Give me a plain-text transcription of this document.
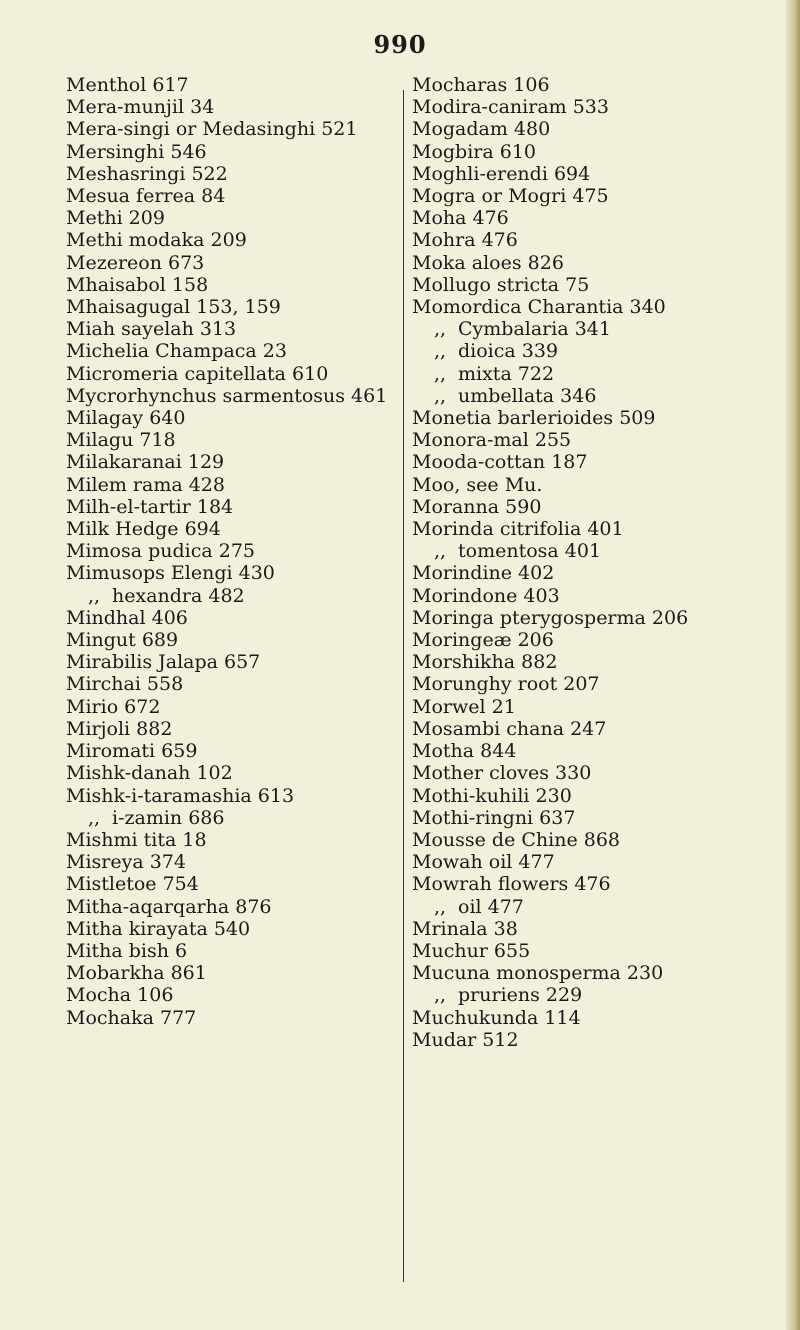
990
Menthol 617
Mera-munjil 34
Mera-singi or Medasinghi 521
Mersinghi 546
Meshasringi 522
Mesua ferrea 84
Methi 209
Methi modaka 209
Mezereon 673
Mhaisabol 158
Mhaisagugal 153, 159
Miah sayelah 313
Michelia Champaca 23
Micromeria capitellata 610
Mycrorhynchus sarmentosus 461
Milagay 640
Milagu 718
Milakaranai 129
Milem rama 428
Milh-el-tartir 184
Milk Hedge 694
Mimosa pudica 275
Mimusops Elengi 430
,, hexandra 482
Mindhal 406
Mingut 689
Mirabilis Jalapa 657
Mirchai 558
Mirio 672
Mirjoli 882
Miromati 659
Mishk-danah 102
Mishk-i-taramashia 613
,, i-zamin 686
Mishmi tita 18
Misreya 374
Mistletoe 754
Mitha-aqarqarha 876
Mitha kirayata 540
Mitha bish 6
Mobarkha 861
Mocha 106
Mochaka 777
Mocharas 106
Modira-caniram 533
Mogadam 480
Mogbira 610
Moghli-erendi 694
Mogra or Mogri 475
Moha 476
Mohra 476
Moka aloes 826
Mollugo stricta 75
Momordica Charantia 340
,, Cymbalaria 341
,, dioica 339
,, mixta 722
,, umbellata 346
Monetia barlerioides 509
Monora-mal 255
Mooda-cottan 187
Moo, see Mu.
Moranna 590
Morinda citrifolia 401
,, tomentosa 401
Morindine 402
Morindone 403
Moringa pterygosperma 206
Moringeæ 206
Morshikha 882
Morunghy root 207
Morwel 21
Mosambi chana 247
Motha 844
Mother cloves 330
Mothi-kuhili 230
Mothi-ringni 637
Mousse de Chine 868
Mowah oil 477
Mowrah flowers 476
,, oil 477
Mrinala 38
Muchur 655
Mucuna monosperma 230
,, pruriens 229
Muchukunda 114
Mudar 512
